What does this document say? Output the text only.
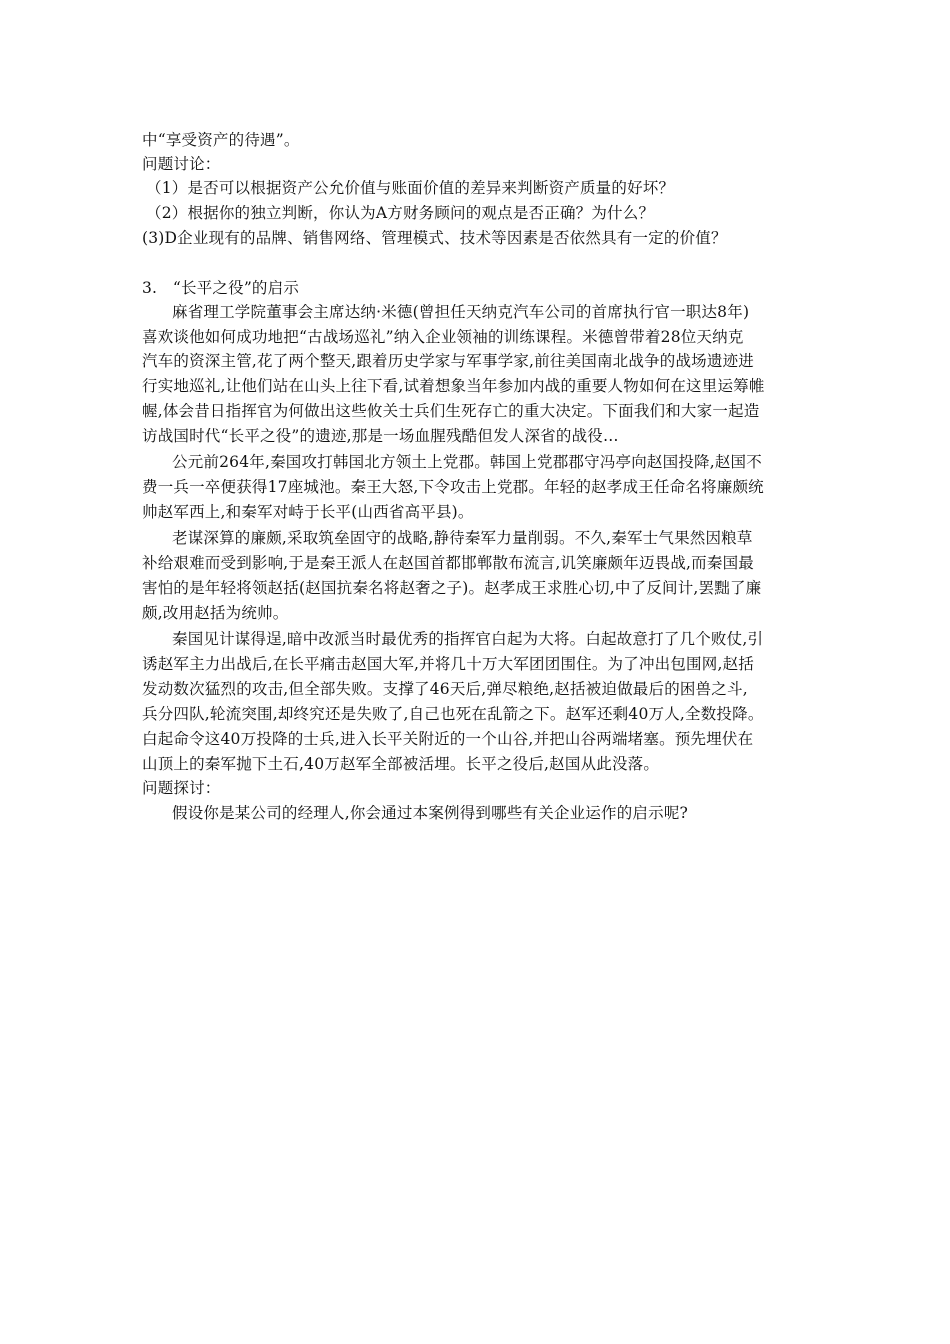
中“享受资产的待遇”。
问题讨论：
（1）是否可以根据资产公允价值与账面价值的差异来判断资产质量的好坏？
（2）根据你的独立判断，你认为A方财务顾问的观点是否正确？为什么？
(3)D企业现有的品牌、销售网络、管理模式、技术等因素是否依然具有一定的价值？
3.　“长平之役”的启示
麻省理工学院董事会主席达纳·米德(曾担任天纳克汽车公司的首席执行官一职达8年)
喜欢谈他如何成功地把“古战场巡礼”纳入企业领袖的训练课程。米德曾带着28位天纳克
汽车的资深主管,花了两个整天,跟着历史学家与军事学家,前往美国南北战争的战场遗迹进
行实地巡礼,让他们站在山头上往下看,试着想象当年参加内战的重要人物如何在这里运筹帷
幄,体会昔日指挥官为何做出这些攸关士兵们生死存亡的重大决定。下面我们和大家一起造
访战国时代“长平之役”的遗迹,那是一场血腥残酷但发人深省的战役…
公元前264年,秦国攻打韩国北方领土上党郡。韩国上党郡郡守冯亭向赵国投降,赵国不
费一兵一卒便获得17座城池。秦王大怒,下令攻击上党郡。年轻的赵孝成王任命名将廉颇统
帅赵军西上,和秦军对峙于长平(山西省高平县)。
老谋深算的廉颇,采取筑垒固守的战略,静待秦军力量削弱。不久,秦军士气果然因粮草
补给艰难而受到影响,于是秦王派人在赵国首都邯郸散布流言,讥笑廉颇年迈畏战,而秦国最
害怕的是年轻将领赵括(赵国抗秦名将赵奢之子)。赵孝成王求胜心切,中了反间计,罢黜了廉
颇,改用赵括为统帅。
秦国见计谋得逞,暗中改派当时最优秀的指挥官白起为大将。白起故意打了几个败仗,引
诱赵军主力出战后,在长平痛击赵国大军,并将几十万大军团团围住。为了冲出包围网,赵括
发动数次猛烈的攻击,但全部失败。支撑了46天后,弹尽粮绝,赵括被迫做最后的困兽之斗,
兵分四队,轮流突围,却终究还是失败了,自己也死在乱箭之下。赵军还剩40万人,全数投降。
白起命令这40万投降的士兵,进入长平关附近的一个山谷,并把山谷两端堵塞。预先埋伏在
山顶上的秦军抛下土石,40万赵军全部被活埋。长平之役后,赵国从此没落。
问题探讨：
假设你是某公司的经理人,你会通过本案例得到哪些有关企业运作的启示呢?
